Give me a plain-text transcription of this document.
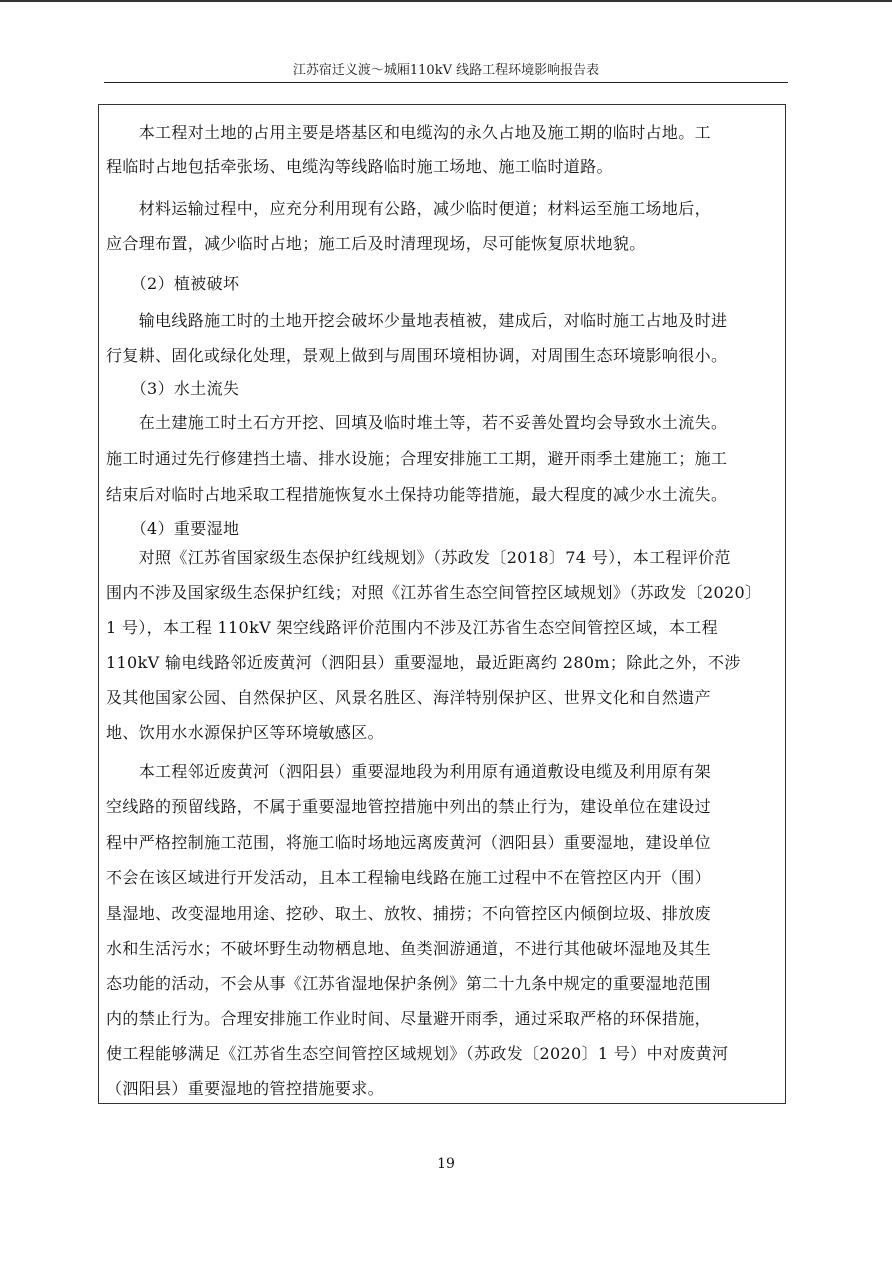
江苏宿迁义渡～城厢110kV 线路工程环境影响报告表
　　本工程对土地的占用主要是塔基区和电缆沟的永久占地及施工期的临时占地。工
程临时占地包括牵张场、电缆沟等线路临时施工场地、施工临时道路。
　　材料运输过程中，应充分利用现有公路，减少临时便道；材料运至施工场地后，
应合理布置，减少临时占地；施工后及时清理现场，尽可能恢复原状地貌。
　　（2）植被破坏
　　输电线路施工时的土地开挖会破坏少量地表植被，建成后，对临时施工占地及时进
行复耕、固化或绿化处理，景观上做到与周围环境相协调，对周围生态环境影响很小。
　　（3）水土流失
　　在土建施工时土石方开挖、回填及临时堆土等，若不妥善处置均会导致水土流失。
施工时通过先行修建挡土墙、排水设施；合理安排施工工期，避开雨季土建施工；施工
结束后对临时占地采取工程措施恢复水土保持功能等措施，最大程度的减少水土流失。
　　（4）重要湿地
　　对照《江苏省国家级生态保护红线规划》（苏政发〔2018〕74 号），本工程评价范
围内不涉及国家级生态保护红线；对照《江苏省生态空间管控区域规划》（苏政发〔2020〕
1 号），本工程 110kV 架空线路评价范围内不涉及江苏省生态空间管控区域，本工程
110kV 输电线路邻近废黄河（泗阳县）重要湿地，最近距离约 280m；除此之外，不涉
及其他国家公园、自然保护区、风景名胜区、海洋特别保护区、世界文化和自然遗产
地、饮用水水源保护区等环境敏感区。
　　本工程邻近废黄河（泗阳县）重要湿地段为利用原有通道敷设电缆及利用原有架
空线路的预留线路，不属于重要湿地管控措施中列出的禁止行为，建设单位在建设过
程中严格控制施工范围，将施工临时场地远离废黄河（泗阳县）重要湿地，建设单位
不会在该区域进行开发活动，且本工程输电线路在施工过程中不在管控区内开（围）
垦湿地、改变湿地用途、挖砂、取土、放牧、捕捞；不向管控区内倾倒垃圾、排放废
水和生活污水；不破坏野生动物栖息地、鱼类洄游通道，不进行其他破坏湿地及其生
态功能的活动，不会从事《江苏省湿地保护条例》第二十九条中规定的重要湿地范围
内的禁止行为。合理安排施工作业时间、尽量避开雨季，通过采取严格的环保措施，
使工程能够满足《江苏省生态空间管控区域规划》（苏政发〔2020〕1 号）中对废黄河
（泗阳县）重要湿地的管控措施要求。
19
